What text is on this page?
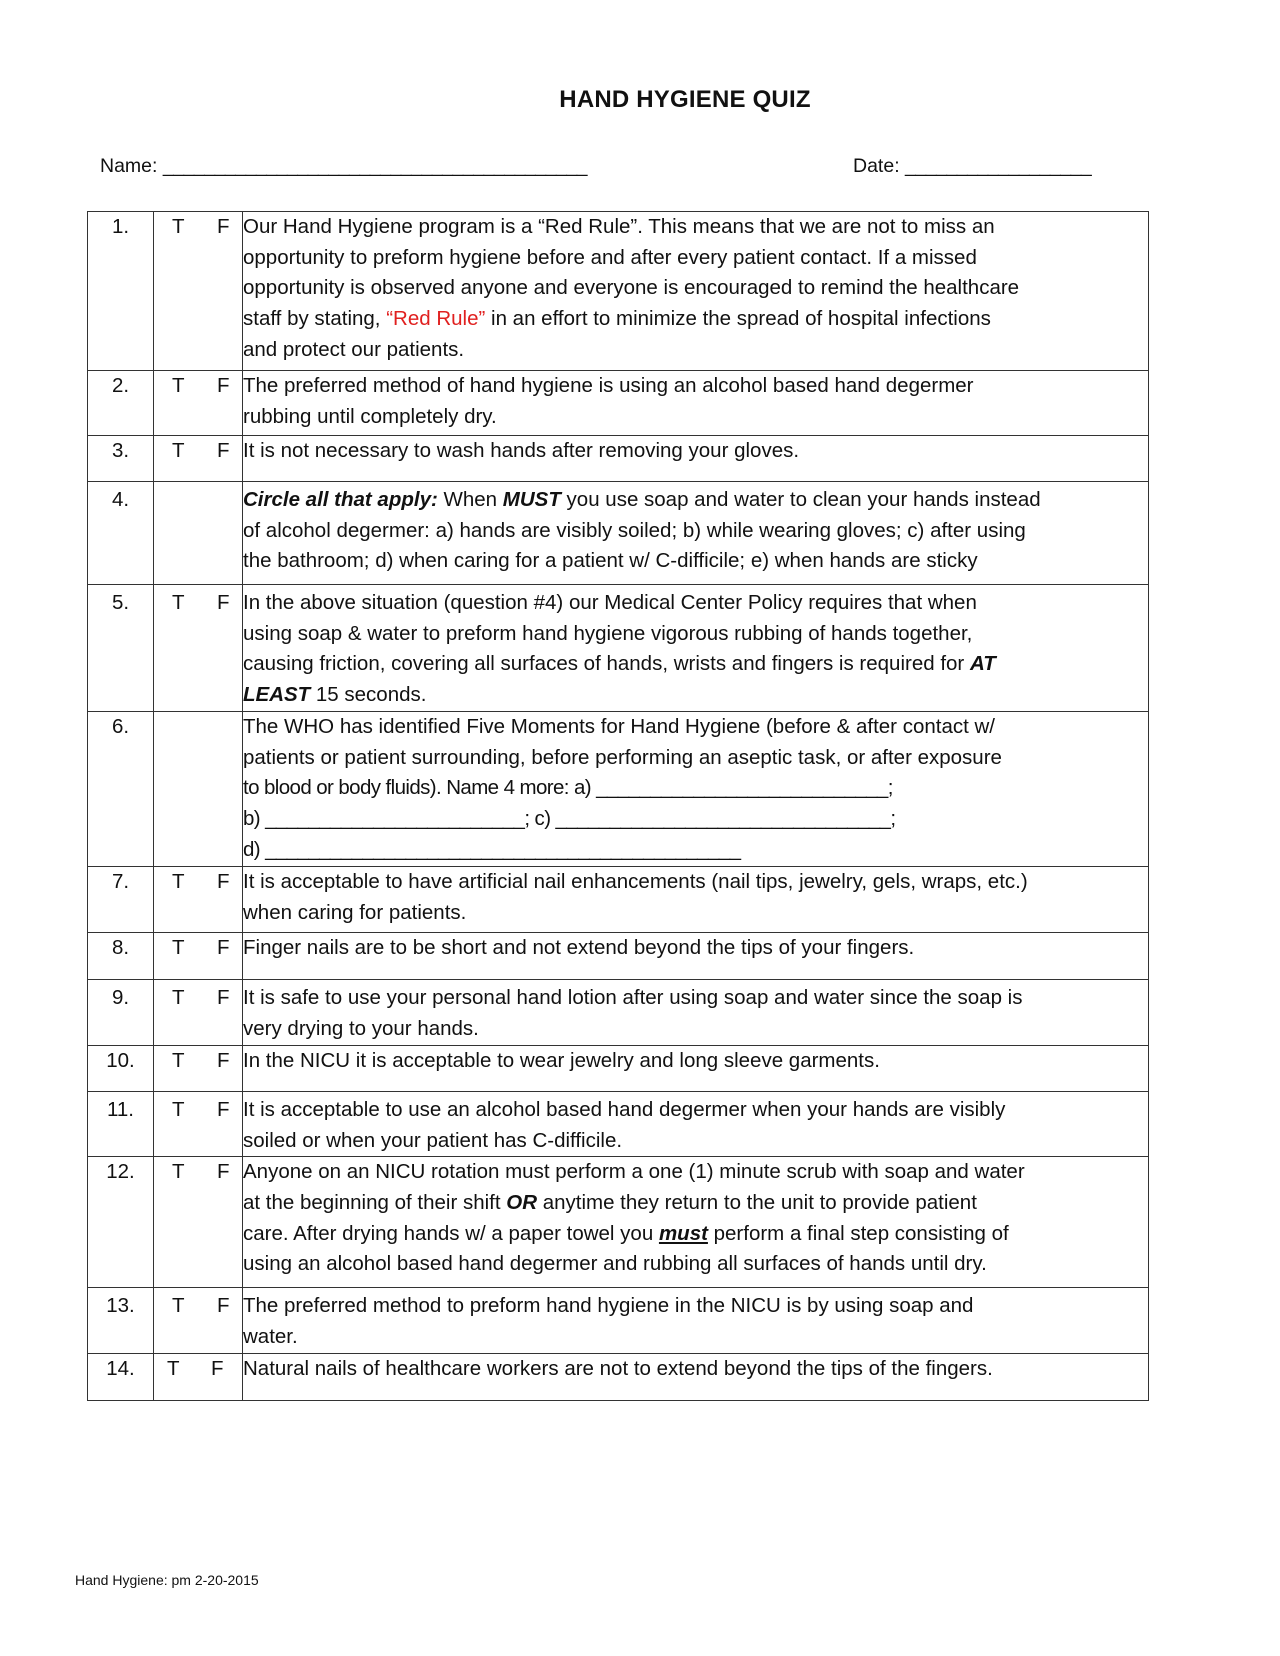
HAND HYGIENE QUIZ
Name: _________________________________________	Date: __________________
1.	T F	Our Hand Hygiene program is a “Red Rule”. This means that we are not to miss an
opportunity to preform hygiene before and after every patient contact. If a missed
opportunity is observed anyone and everyone is encouraged to remind the healthcare
staff by stating, “Red Rule” in an effort to minimize the spread of hospital infections
and protect our patients.
2.	T F	The preferred method of hand hygiene is using an alcohol based hand degermer
rubbing until completely dry.
3.	T F	It is not necessary to wash hands after removing your gloves.
4.		Circle all that apply: When MUST you use soap and water to clean your hands instead
of alcohol degermer: a) hands are visibly soiled; b) while wearing gloves; c) after using
the bathroom; d) when caring for a patient w/ C-difficile; e) when hands are sticky
5.	T F	In the above situation (question #4) our Medical Center Policy requires that when
using soap & water to preform hand hygiene vigorous rubbing of hands together,
causing friction, covering all surfaces of hands, wrists and fingers is required for AT
LEAST 15 seconds.
6.		The WHO has identified Five Moments for Hand Hygiene (before & after contact w/
patients or patient surrounding, before performing an aseptic task, or after exposure
to blood or body fluids). Name 4 more: a) ___________________________;
b) ________________________; c) _______________________________;
d) ____________________________________________
7.	T F	It is acceptable to have artificial nail enhancements (nail tips, jewelry, gels, wraps, etc.)
when caring for patients.
8.	T F	Finger nails are to be short and not extend beyond the tips of your fingers.
9.	T F	It is safe to use your personal hand lotion after using soap and water since the soap is
very drying to your hands.
10.	T F	In the NICU it is acceptable to wear jewelry and long sleeve garments.
11.	T F	It is acceptable to use an alcohol based hand degermer when your hands are visibly
soiled or when your patient has C-difficile.
12.	T F	Anyone on an NICU rotation must perform a one (1) minute scrub with soap and water
at the beginning of their shift OR anytime they return to the unit to provide patient
care. After drying hands w/ a paper towel you must perform a final step consisting of
using an alcohol based hand degermer and rubbing all surfaces of hands until dry.
13.	T F	The preferred method to preform hand hygiene in the NICU is by using soap and
water.
14.	T F	Natural nails of healthcare workers are not to extend beyond the tips of the fingers.
Hand Hygiene: pm 2-20-2015
